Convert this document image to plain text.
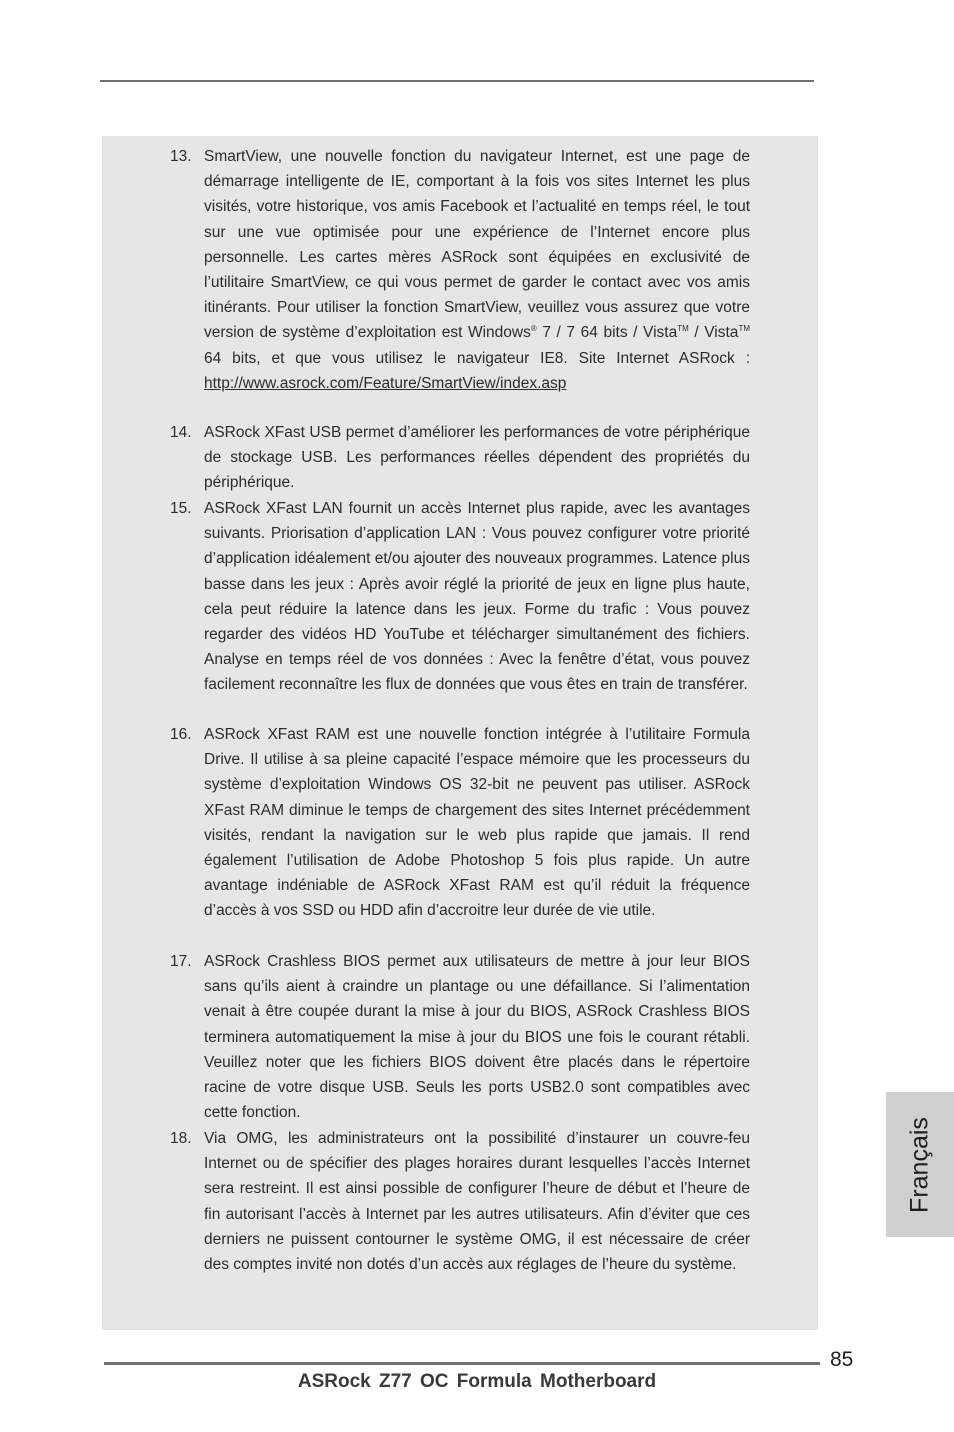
13. SmartView, une nouvelle fonction du navigateur Internet, est une page de démarrage intelligente de IE, comportant à la fois vos sites Internet les plus visités, votre historique, vos amis Facebook et l’actualité en temps réel, le tout sur une vue optimisée pour une expérience de l’Internet encore plus personnelle. Les cartes mères ASRock sont équipées en exclusivité de l’utilitaire SmartView, ce qui vous permet de garder le contact avec vos amis itinérants. Pour utiliser la fonction SmartView, veuillez vous assurez que votre version de système d’exploitation est Windows® 7 / 7 64 bits / Vista™ / Vista™ 64 bits, et que vous utilisez le navigateur IE8. Site Internet ASRock : http://www.asrock.com/Feature/SmartView/index.asp
14. ASRock XFast USB permet d’améliorer les performances de votre périphérique de stockage USB. Les performances réelles dépendent des propriétés du périphérique.
15. ASRock XFast LAN fournit un accès Internet plus rapide, avec les avantages suivants. Priorisation d’application LAN : Vous pouvez configurer votre priorité d’application idéalement et/ou ajouter des nouveaux programmes. Latence plus basse dans les jeux : Après avoir réglé la priorité de jeux en ligne plus haute, cela peut réduire la latence dans les jeux. Forme du trafic : Vous pouvez regarder des vidéos HD YouTube et télécharger simultanément des fichiers. Analyse en temps réel de vos données : Avec la fenêtre d’état, vous pouvez facilement reconnaître les flux de données que vous êtes en train de transférer.
16. ASRock XFast RAM est une nouvelle fonction intégrée à l’utilitaire Formula Drive. Il utilise à sa pleine capacité l’espace mémoire que les processeurs du système d’exploitation Windows OS 32-bit ne peuvent pas utiliser. ASRock XFast RAM diminue le temps de chargement des sites Internet précédemment visités, rendant la navigation sur le web plus rapide que jamais. Il rend également l’utilisation de Adobe Photoshop 5 fois plus rapide. Un autre avantage indéniable de ASRock XFast RAM est qu’il réduit la fréquence d’accès à vos SSD ou HDD afin d’accroitre leur durée de vie utile.
17. ASRock Crashless BIOS permet aux utilisateurs de mettre à jour leur BIOS sans qu’ils aient à craindre un plantage ou une défaillance. Si l’alimentation venait à être coupée durant la mise à jour du BIOS, ASRock Crashless BIOS terminera automatiquement la mise à jour du BIOS une fois le courant rétabli. Veuillez noter que les fichiers BIOS doivent être placés dans le répertoire racine de votre disque USB. Seuls les ports USB2.0 sont compatibles avec cette fonction.
18. Via OMG, les administrateurs ont la possibilité d’instaurer un couvre-feu Internet ou de spécifier des plages horaires durant lesquelles l’accès Internet sera restreint. Il est ainsi possible de configurer l’heure de début et l’heure de fin autorisant l’accès à Internet par les autres utilisateurs. Afin d’éviter que ces derniers ne puissent contourner le système OMG, il est nécessaire de créer des comptes invité non dotés d’un accès aux réglages de l’heure du système.
Français
85
ASRock Z77 OC Formula Motherboard
